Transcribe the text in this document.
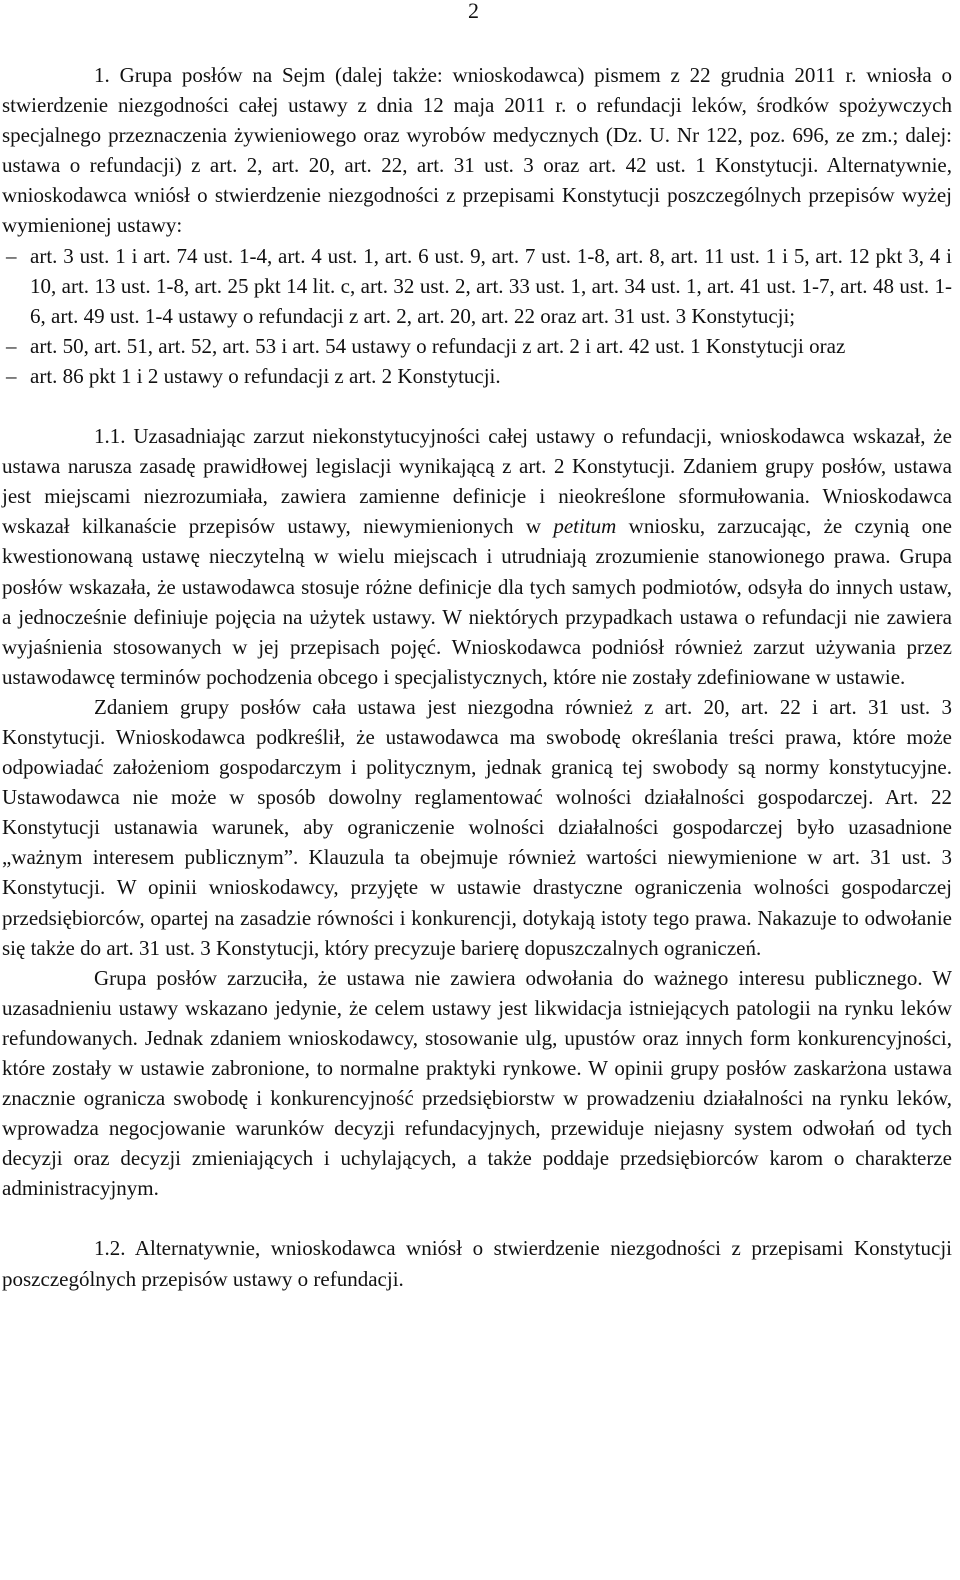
2

1. Grupa posłów na Sejm (dalej także: wnioskodawca) pismem z 22 grudnia 2011 r. wniosła o stwierdzenie niezgodności całej ustawy z dnia 12 maja 2011 r. o refundacji leków, środków spożywczych specjalnego przeznaczenia żywieniowego oraz wyrobów medycznych (Dz. U. Nr 122, poz. 696, ze zm.; dalej: ustawa o refundacji) z art. 2, art. 20, art. 22, art. 31 ust. 3 oraz art. 42 ust. 1 Konstytucji. Alternatywnie, wnioskodawca wniósł o stwierdzenie niezgodności z przepisami Konstytucji poszczególnych przepisów wyżej wymienionej ustawy:

– art. 3 ust. 1 i art. 74 ust. 1-4, art. 4 ust. 1, art. 6 ust. 9, art. 7 ust. 1-8, art. 8, art. 11 ust. 1 i 5, art. 12 pkt 3, 4 i 10, art. 13 ust. 1-8, art. 25 pkt 14 lit. c, art. 32 ust. 2, art. 33 ust. 1, art. 34 ust. 1, art. 41 ust. 1-7, art. 48 ust. 1-6, art. 49 ust. 1-4 ustawy o refundacji z art. 2, art. 20, art. 22 oraz art. 31 ust. 3 Konstytucji;

– art. 50, art. 51, art. 52, art. 53 i art. 54 ustawy o refundacji z art. 2 i art. 42 ust. 1 Konstytucji oraz

– art. 86 pkt 1 i 2 ustawy o refundacji z art. 2 Konstytucji.

1.1. Uzasadniając zarzut niekonstytucyjności całej ustawy o refundacji, wnioskodawca wskazał, że ustawa narusza zasadę prawidłowej legislacji wynikającą z art. 2 Konstytucji. Zdaniem grupy posłów, ustawa jest miejscami niezrozumiała, zawiera zamienne definicje i nieokreślone sformułowania. Wnioskodawca wskazał kilkanaście przepisów ustawy, niewymienionych w petitum wniosku, zarzucając, że czynią one kwestionowaną ustawę nieczytelną w wielu miejscach i utrudniają zrozumienie stanowionego prawa. Grupa posłów wskazała, że ustawodawca stosuje różne definicje dla tych samych podmiotów, odsyła do innych ustaw, a jednocześnie definiuje pojęcia na użytek ustawy. W niektórych przypadkach ustawa o refundacji nie zawiera wyjaśnienia stosowanych w jej przepisach pojęć. Wnioskodawca podniósł również zarzut używania przez ustawodawcę terminów pochodzenia obcego i specjalistycznych, które nie zostały zdefiniowane w ustawie.

Zdaniem grupy posłów cała ustawa jest niezgodna również z art. 20, art. 22 i art. 31 ust. 3 Konstytucji. Wnioskodawca podkreślił, że ustawodawca ma swobodę określania treści prawa, które może odpowiadać założeniom gospodarczym i politycznym, jednak granicą tej swobody są normy konstytucyjne. Ustawodawca nie może w sposób dowolny reglamentować wolności działalności gospodarczej. Art. 22 Konstytucji ustanawia warunek, aby ograniczenie wolności działalności gospodarczej było uzasadnione „ważnym interesem publicznym”. Klauzula ta obejmuje również wartości niewymienione w art. 31 ust. 3 Konstytucji. W opinii wnioskodawcy, przyjęte w ustawie drastyczne ograniczenia wolności gospodarczej przedsiębiorców, opartej na zasadzie równości i konkurencji, dotykają istoty tego prawa. Nakazuje to odwołanie się także do art. 31 ust. 3 Konstytucji, który precyzuje barierę dopuszczalnych ograniczeń.

Grupa posłów zarzuciła, że ustawa nie zawiera odwołania do ważnego interesu publicznego. W uzasadnieniu ustawy wskazano jedynie, że celem ustawy jest likwidacja istniejących patologii na rynku leków refundowanych. Jednak zdaniem wnioskodawcy, stosowanie ulg, upustów oraz innych form konkurencyjności, które zostały w ustawie zabronione, to normalne praktyki rynkowe. W opinii grupy posłów zaskarżona ustawa znacznie ogranicza swobodę i konkurencyjność przedsiębiorstw w prowadzeniu działalności na rynku leków, wprowadza negocjowanie warunków decyzji refundacyjnych, przewiduje niejasny system odwołań od tych decyzji oraz decyzji zmieniających i uchylających, a także poddaje przedsiębiorców karom o charakterze administracyjnym.

1.2. Alternatywnie, wnioskodawca wniósł o stwierdzenie niezgodności z przepisami Konstytucji poszczególnych przepisów ustawy o refundacji.
